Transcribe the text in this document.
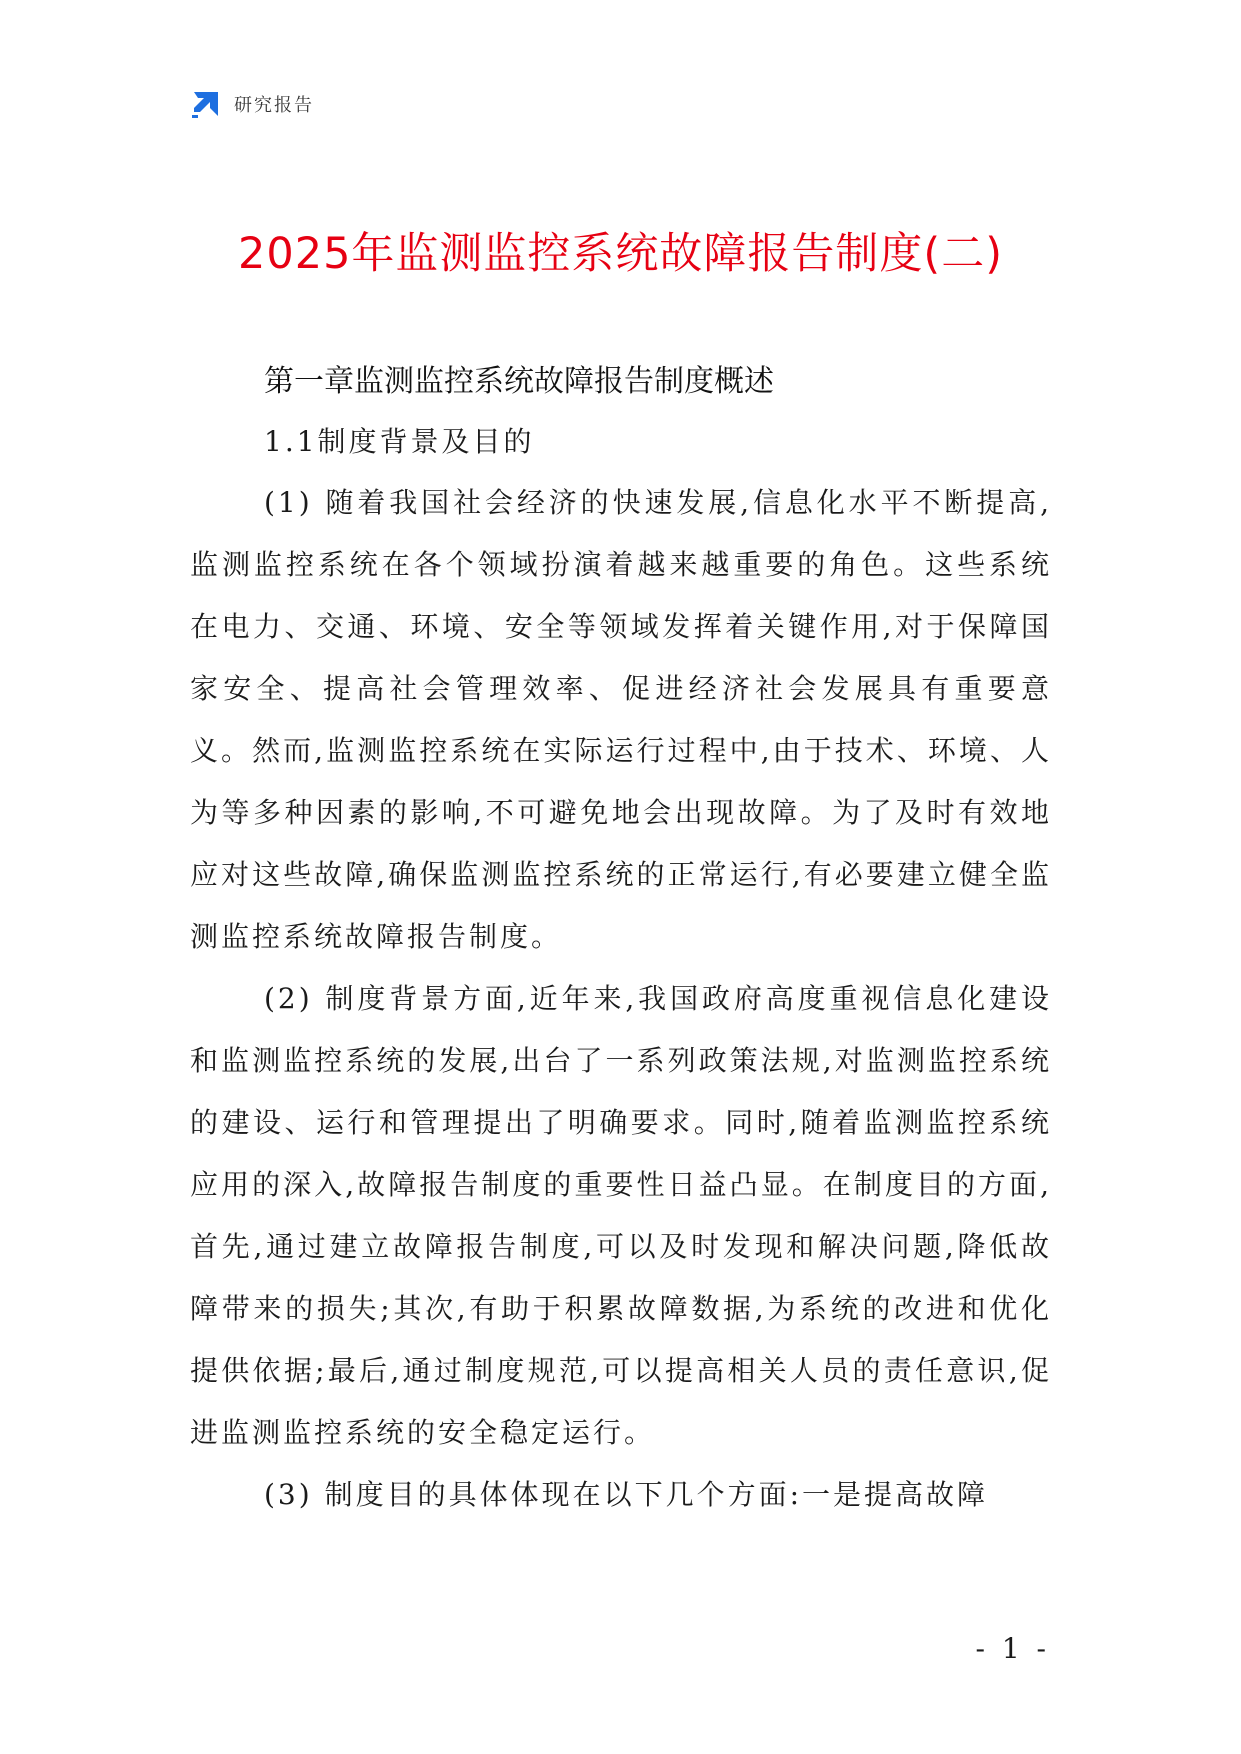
研究报告
2025年监测监控系统故障报告制度(二)
第一章监测监控系统故障报告制度概述
1.1制度背景及目的

(1) 随着我国社会经济的快速发展,信息化水平不断提高,监测监控系统在各个领域扮演着越来越重要的角色。这些系统在电力、交通、环境、安全等领域发挥着关键作用,对于保障国家安全、提高社会管理效率、促进经济社会发展具有重要意义。然而,监测监控系统在实际运行过程中,由于技术、环境、人为等多种因素的影响,不可避免地会出现故障。为了及时有效地应对这些故障,确保监测监控系统的正常运行,有必要建立健全监测监控系统故障报告制度。

(2) 制度背景方面,近年来,我国政府高度重视信息化建设和监测监控系统的发展,出台了一系列政策法规,对监测监控系统的建设、运行和管理提出了明确要求。同时,随着监测监控系统应用的深入,故障报告制度的重要性日益凸显。在制度目的方面,首先,通过建立故障报告制度,可以及时发现和解决问题,降低故障带来的损失;其次,有助于积累故障数据,为系统的改进和优化提供依据;最后,通过制度规范,可以提高相关人员的责任意识,促进监测监控系统的安全稳定运行。

(3) 制度目的具体体现在以下几个方面:一是提高故障

- 1 -
